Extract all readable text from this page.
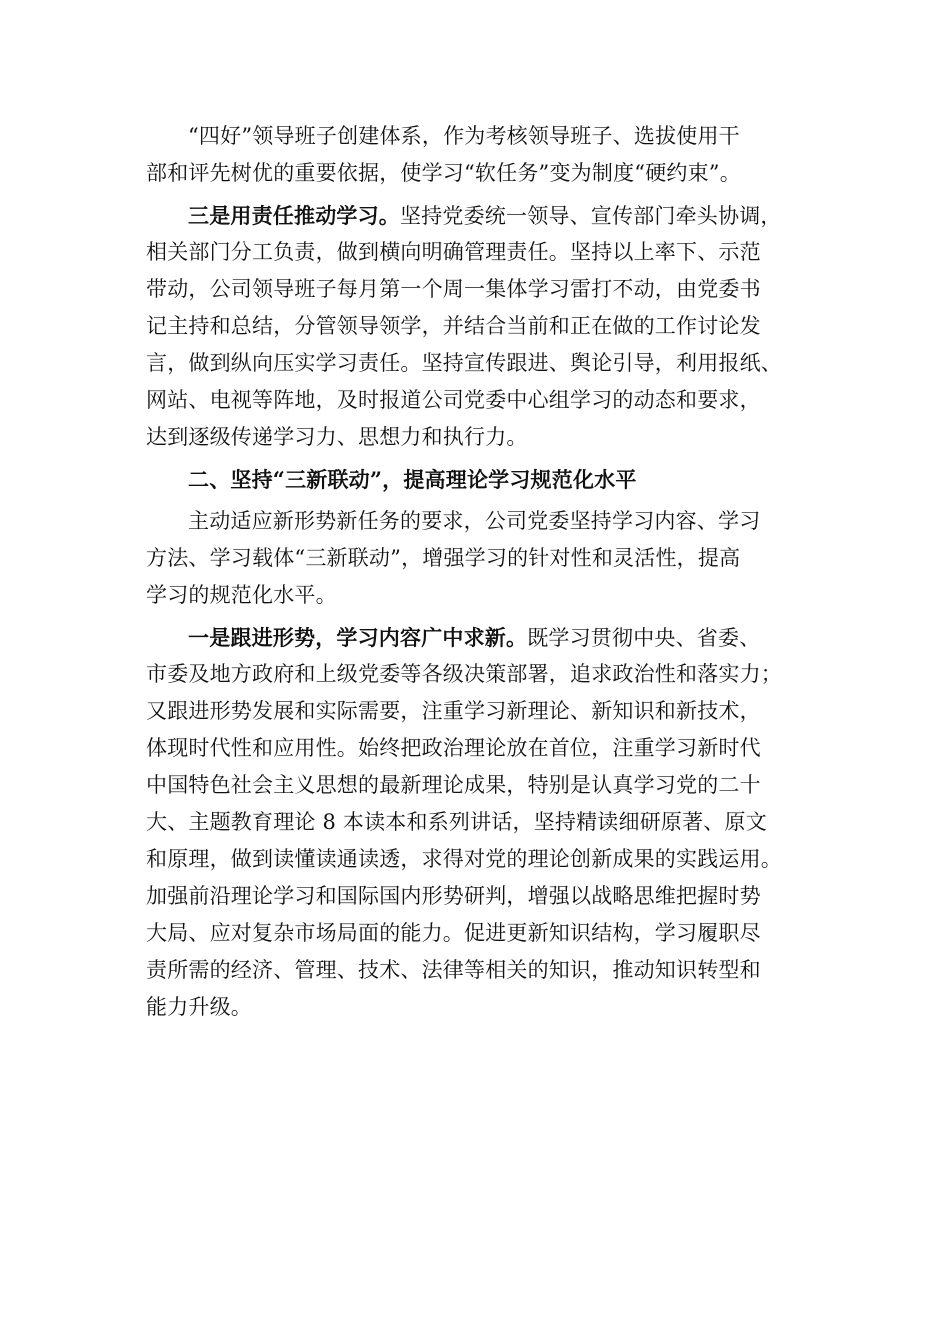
“四好”领导班子创建体系，作为考核领导班子、选拔使用干
部和评先树优的重要依据，使学习“软任务”变为制度“硬约束”。
三是用责任推动学习。坚持党委统一领导、宣传部门牵头协调，
相关部门分工负责，做到横向明确管理责任。坚持以上率下、示范
带动，公司领导班子每月第一个周一集体学习雷打不动，由党委书
记主持和总结，分管领导领学，并结合当前和正在做的工作讨论发
言，做到纵向压实学习责任。坚持宣传跟进、舆论引导，利用报纸、
网站、电视等阵地，及时报道公司党委中心组学习的动态和要求，
达到逐级传递学习力、思想力和执行力。
二、坚持“三新联动”，提高理论学习规范化水平
主动适应新形势新任务的要求，公司党委坚持学习内容、学习
方法、学习载体“三新联动”，增强学习的针对性和灵活性，提高
学习的规范化水平。
一是跟进形势，学习内容广中求新。既学习贯彻中央、省委、
市委及地方政府和上级党委等各级决策部署，追求政治性和落实力；
又跟进形势发展和实际需要，注重学习新理论、新知识和新技术，
体现时代性和应用性。始终把政治理论放在首位，注重学习新时代
中国特色社会主义思想的最新理论成果，特别是认真学习党的二十
大、主题教育理论 8 本读本和系列讲话，坚持精读细研原著、原文
和原理，做到读懂读通读透，求得对党的理论创新成果的实践运用。
加强前沿理论学习和国际国内形势研判，增强以战略思维把握时势
大局、应对复杂市场局面的能力。促进更新知识结构，学习履职尽
责所需的经济、管理、技术、法律等相关的知识，推动知识转型和
能力升级。
